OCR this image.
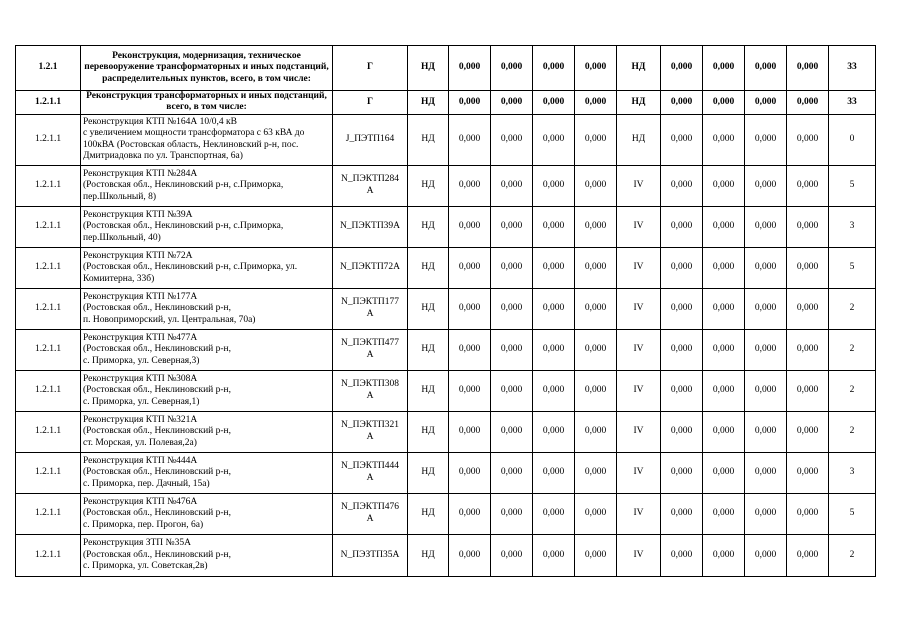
1.2.1	Реконструкция, модернизация, техническое перевооружение трансформаторных и иных подстанций, распределительных пунктов, всего, в том числе:	Г	НД	0,000	0,000	0,000	0,000	НД	0,000	0,000	0,000	0,000	33
1.2.1.1	Реконструкция трансформаторных и иных подстанций, всего, в том числе:	Г	НД	0,000	0,000	0,000	0,000	НД	0,000	0,000	0,000	0,000	33
1.2.1.1	Реконструкция КТП №164А 10/0,4 кВ
с увеличением мощности трансформатора с 63 кВА до 100кВА (Ростовская область, Неклиновский р-н, пос. Дмитриадовка по ул. Транспортная, 6а)	J_ПЭТП164	НД	0,000	0,000	0,000	0,000	НД	0,000	0,000	0,000	0,000	0
1.2.1.1	Реконструкция КТП №284А
(Ростовская обл., Неклиновский р-н, с.Приморка, пер.Школьный, 8)	N_ПЭКТП284
А	НД	0,000	0,000	0,000	0,000	IV	0,000	0,000	0,000	0,000	5
1.2.1.1	Реконструкция КТП №39А
(Ростовская обл., Неклиновский р-н, с.Приморка, пер.Школьный, 40)	N_ПЭКТП39А	НД	0,000	0,000	0,000	0,000	IV	0,000	0,000	0,000	0,000	3
1.2.1.1	Реконструкция КТП №72А
(Ростовская обл., Неклиновский р-н, с.Приморка, ул. Комиитерна, 33б)	N_ПЭКТП72А	НД	0,000	0,000	0,000	0,000	IV	0,000	0,000	0,000	0,000	5
1.2.1.1	Реконструкция КТП №177А
(Ростовская обл., Неклиновский р-н,
п. Новоприморский, ул. Центральная, 70а)	N_ПЭКТП177
А	НД	0,000	0,000	0,000	0,000	IV	0,000	0,000	0,000	0,000	2
1.2.1.1	Реконструкция КТП №477А
(Ростовская обл., Неклиновский р-н,
с. Приморка, ул. Северная,3)	N_ПЭКТП477
А	НД	0,000	0,000	0,000	0,000	IV	0,000	0,000	0,000	0,000	2
1.2.1.1	Реконструкция КТП №308А
(Ростовская обл., Неклиновский р-н,
с. Приморка, ул. Северная,1)	N_ПЭКТП308
А	НД	0,000	0,000	0,000	0,000	IV	0,000	0,000	0,000	0,000	2
1.2.1.1	Реконструкция КТП №321А
(Ростовская обл., Неклиновский р-н,
ст. Морская, ул. Полевая,2а)	N_ПЭКТП321
А	НД	0,000	0,000	0,000	0,000	IV	0,000	0,000	0,000	0,000	2
1.2.1.1	Реконструкция КТП №444А
(Ростовская обл., Неклиновский р-н,
с. Приморка, пер. Дачный, 15а)	N_ПЭКТП444
А	НД	0,000	0,000	0,000	0,000	IV	0,000	0,000	0,000	0,000	3
1.2.1.1	Реконструкция КТП №476А
(Ростовская обл., Неклиновский р-н,
с. Приморка, пер. Прогон, 6а)	N_ПЭКТП476
А	НД	0,000	0,000	0,000	0,000	IV	0,000	0,000	0,000	0,000	5
1.2.1.1	Реконструкция ЗТП №35А
(Ростовская обл., Неклиновский р-н,
с. Приморка, ул. Советская,2в)	N_ПЭЗТП35А	НД	0,000	0,000	0,000	0,000	IV	0,000	0,000	0,000	0,000	2
